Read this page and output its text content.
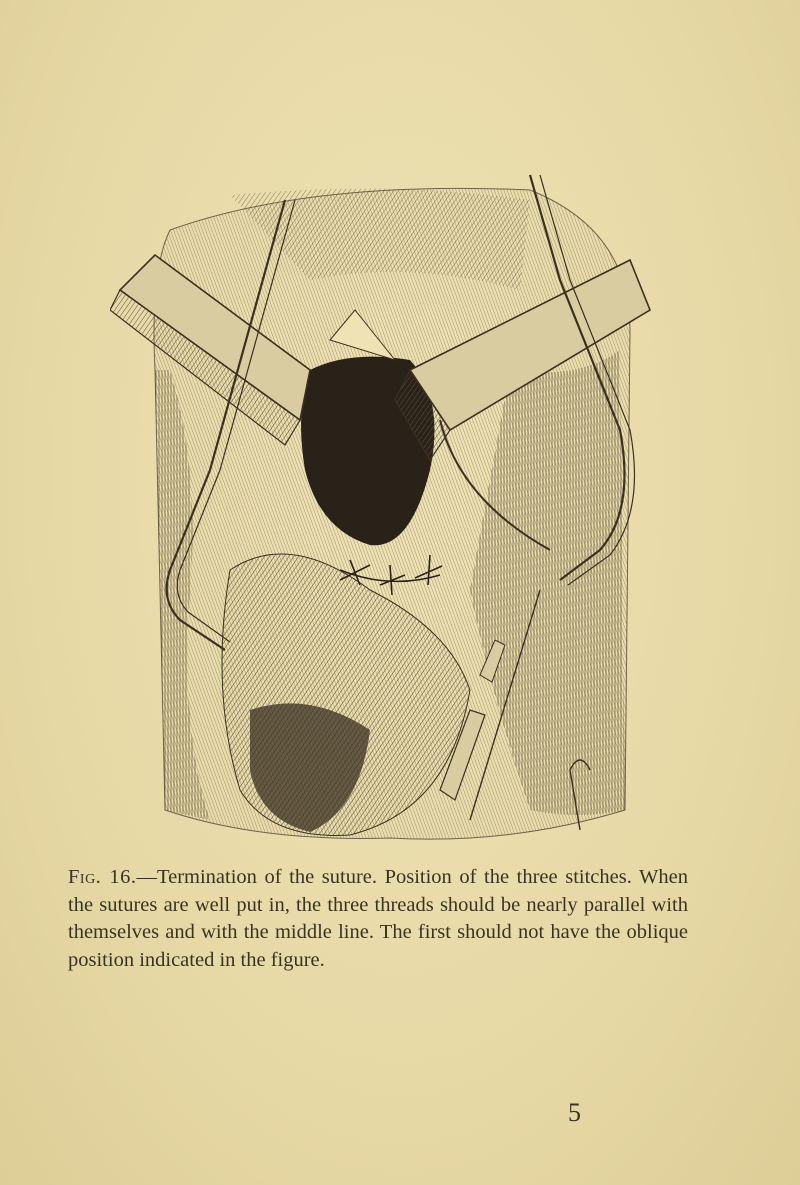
Fig. 16.—Termination of the suture. Position of the three stitches. When the sutures are well put in, the three threads should be nearly parallel with themselves and with the middle line. The first should not have the oblique position indicated in the figure.

5
